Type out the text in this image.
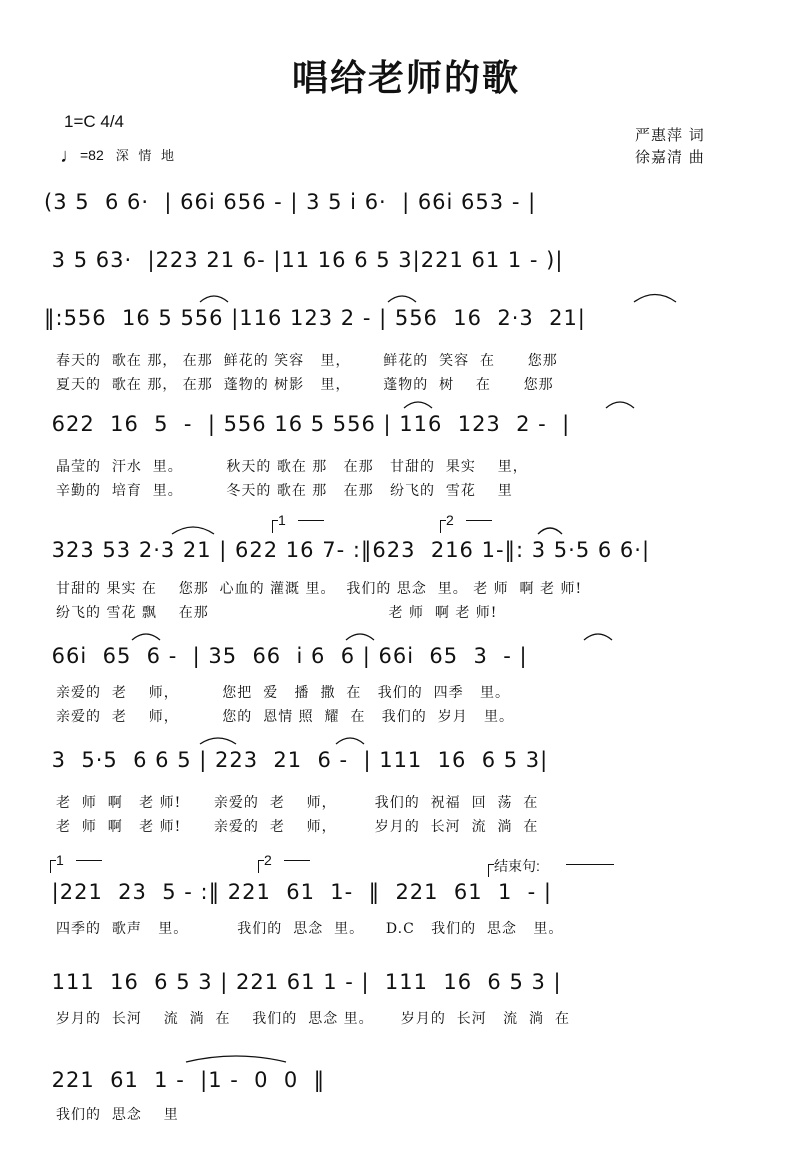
唱给老师的歌
1=C 4/4
严惠萍 词
徐嘉清 曲
♩=82 深 情 地
(3 5  6 6·  | 66i 656 - | 3 5 i 6·  | 66i 653 - |
3 5 63·  |223 21 6- |11 16 6 5 3|221 61 1 - )|
‖:556  16 5 556 |116 123 2 - | 556  16  2·3  21|
春天的  歌在 那， 在那  鲜花的 笑容   里，      鲜花的  笑容  在      您那
夏天的  歌在 那， 在那  蓬物的 树影   里，      蓬物的  树    在      您那
622  16  5  -  | 556 16 5 556 | 116  123  2 -  |
晶莹的  汗水  里。        秋天的 歌在 那   在那   甘甜的  果实    里，
辛勤的  培育  里。        冬天的 歌在 那   在那   纷飞的  雪花    里
1	2
323 53 2·3 21 | 622 16 7- :‖623  216 1-‖: 3 5·5 6 6·|
甘甜的 果实 在    您那  心血的 灌溉 里。  我们的 思念  里。 老 师  啊 老 师!
纷飞的 雪花 飘    在那                                 老 师  啊 老 师!
66i  65  6 -  | 35  66  i 6  6 | 66i  65  3  - |
亲爱的  老    师，        您把  爱   播  撒  在   我们的  四季   里。
亲爱的  老    师，        您的  恩情 照  耀  在   我们的  岁月   里。
3  5·5  6 6 5 | 223  21  6 -  | 111  16  6 5 3|
老  师  啊   老 师!      亲爱的  老    师，       我们的  祝福  回  荡  在
老  师  啊   老 师!      亲爱的  老    师，       岁月的  长河  流  淌  在
1	2	结束句:
|221  23  5 - :‖ 221  61  1-  ‖  221  61  1  - |
四季的  歌声   里。         我们的  思念  里。    D.C   我们的  思念   里。
111  16  6 5 3 | 221 61 1 - |  111  16  6 5 3 |
岁月的  长河    流  淌  在    我们的  思念 里。     岁月的  长河   流  淌  在
221  61  1 -  |1 -  0  0  ‖
我们的  思念    里
